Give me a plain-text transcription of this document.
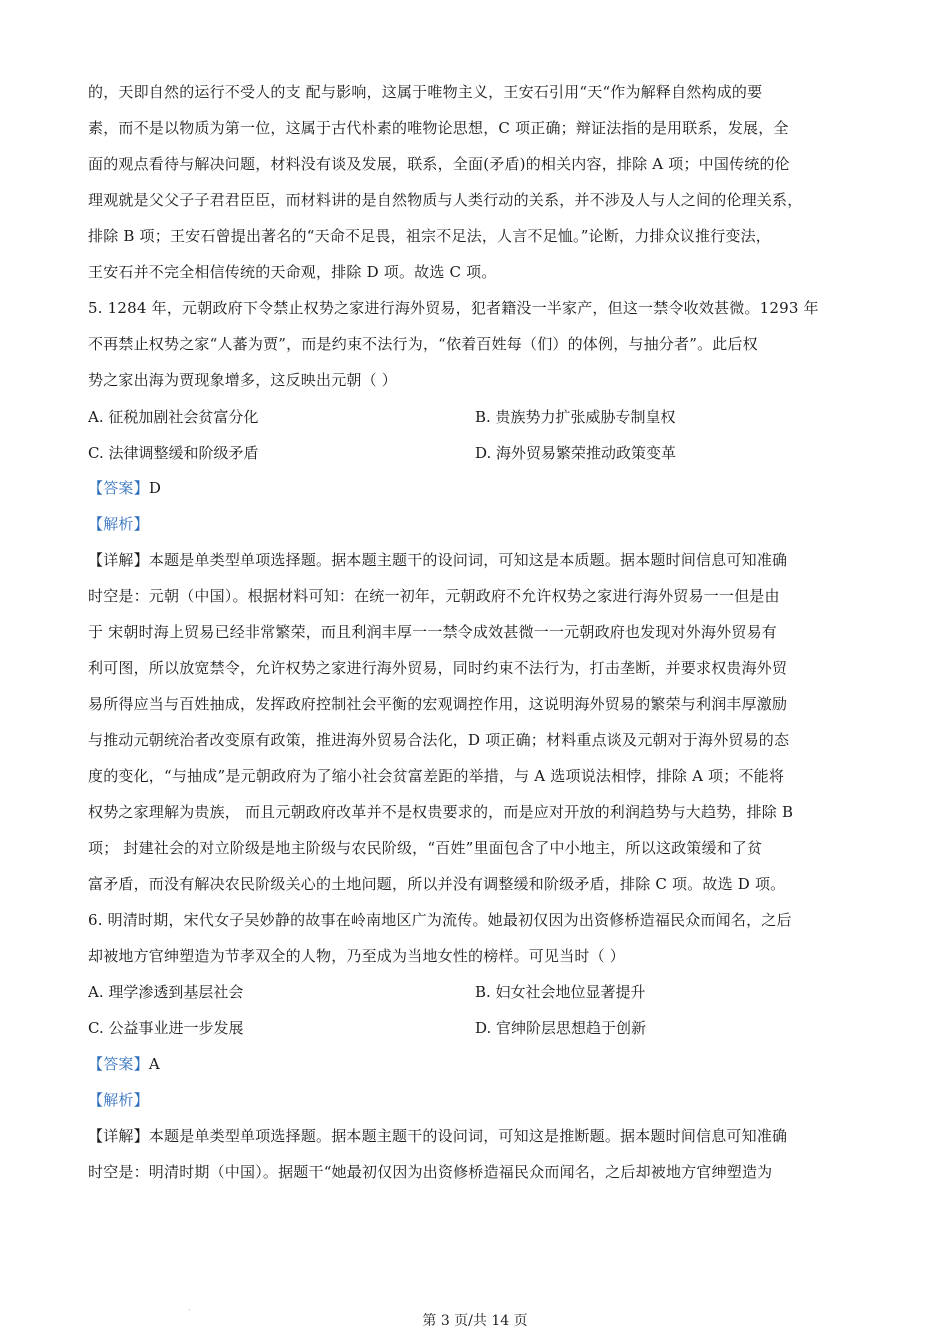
的，天即自然的运行不受人的支 配与影响，这属于唯物主义，王安石引用“天“作为解释自然构成的要
素，而不是以物质为第一位，这属于古代朴素的唯物论思想，C 项正确；辩证法指的是用联系，发展，全
面的观点看待与解决问题，材料没有谈及发展，联系，全面(矛盾)的相关内容，排除 A 项；中国传统的伦
理观就是父父子子君君臣臣，而材料讲的是自然物质与人类行动的关系，并不涉及人与人之间的伦理关系，
排除 B 项；王安石曾提出著名的“天命不足畏，祖宗不足法，人言不足恤。”论断，力排众议推行变法，
王安石并不完全相信传统的天命观，排除 D 项。故选 C 项。
5. 1284 年，元朝政府下令禁止权势之家进行海外贸易，犯者籍没一半家产，但这一禁令收效甚微。1293 年
不再禁止权势之家“人蕃为贾”，而是约束不法行为，“依着百姓每（们）的体例，与抽分者”。此后权
势之家出海为贾现象增多，这反映出元朝（ ）
A. 征税加剧社会贫富分化	B. 贵族势力扩张威胁专制皇权
C. 法律调整缓和阶级矛盾	D. 海外贸易繁荣推动政策变革
【答案】D
【解析】
【详解】本题是单类型单项选择题。据本题主题干的设问词，可知这是本质题。据本题时间信息可知准确
时空是：元朝（中国）。根据材料可知：在统一初年，元朝政府不允许权势之家进行海外贸易一一但是由
于 宋朝时海上贸易已经非常繁荣，而且利润丰厚一一禁令成效甚微一一元朝政府也发现对外海外贸易有
利可图，所以放宽禁令，允许权势之家进行海外贸易，同时约束不法行为，打击垄断，并要求权贵海外贸
易所得应当与百姓抽成，发挥政府控制社会平衡的宏观调控作用，这说明海外贸易的繁荣与利润丰厚激励
与推动元朝统治者改变原有政策，推进海外贸易合法化，D 项正确；材料重点谈及元朝对于海外贸易的态
度的变化，“与抽成”是元朝政府为了缩小社会贫富差距的举措，与 A 选项说法相悖，排除 A 项；不能将
权势之家理解为贵族， 而且元朝政府改革并不是权贵要求的，而是应对开放的利润趋势与大趋势，排除 B
项； 封建社会的对立阶级是地主阶级与农民阶级，“百姓”里面包含了中小地主，所以这政策缓和了贫
富矛盾，而没有解决农民阶级关心的土地问题，所以并没有调整缓和阶级矛盾，排除 C 项。故选 D 项。
6. 明清时期，宋代女子吴妙静的故事在岭南地区广为流传。她最初仅因为出资修桥造福民众而闻名，之后
却被地方官绅塑造为节孝双全的人物，乃至成为当地女性的榜样。可见当时（ ）
A. 理学渗透到基层社会	B. 妇女社会地位显著提升
C. 公益事业进一步发展	D. 官绅阶层思想趋于创新
【答案】A
【解析】
【详解】本题是单类型单项选择题。据本题主题干的设问词，可知这是推断题。据本题时间信息可知准确
时空是：明清时期（中国）。据题干“她最初仅因为出资修桥造福民众而闻名，之后却被地方官绅塑造为
·
第 3 页/共 14 页
